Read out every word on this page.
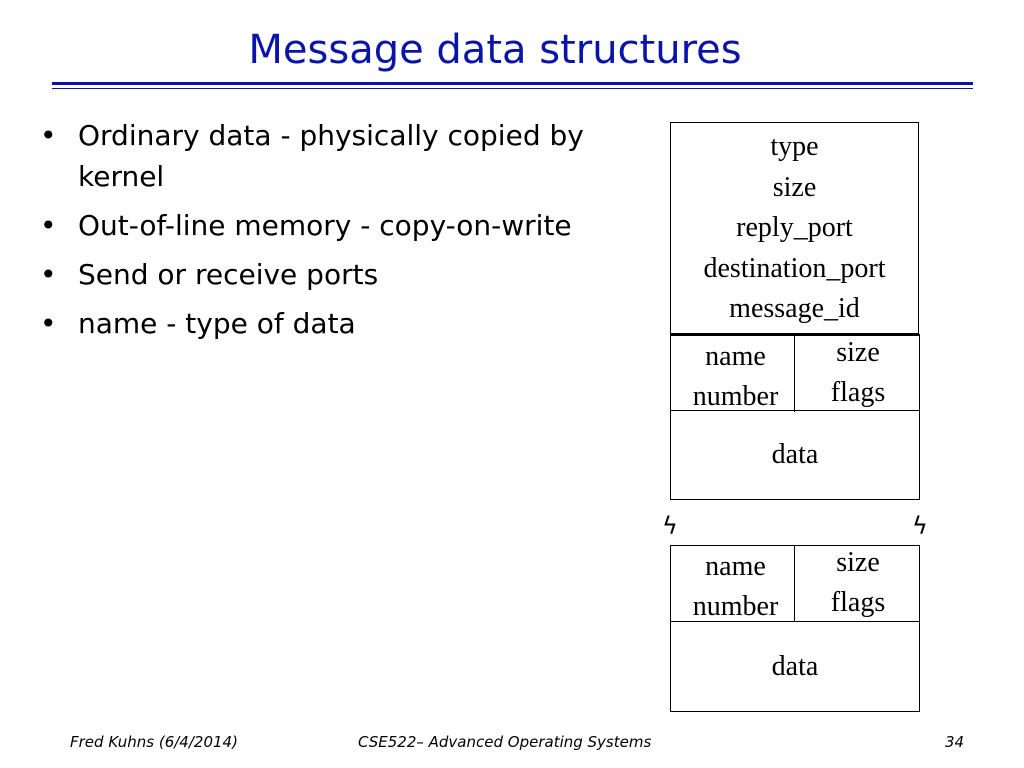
Message data structures
• Ordinary data - physically copied by kernel
• Out-of-line memory - copy-on-write
• Send or receive ports
• name - type of data
type
size
reply_port
destination_port
message_id
name
number
size
flags
data
ϟ	ϟ
name
number
size
flags
data
Fred Kuhns (6/4/2014)	CSE522– Advanced Operating Systems	34
